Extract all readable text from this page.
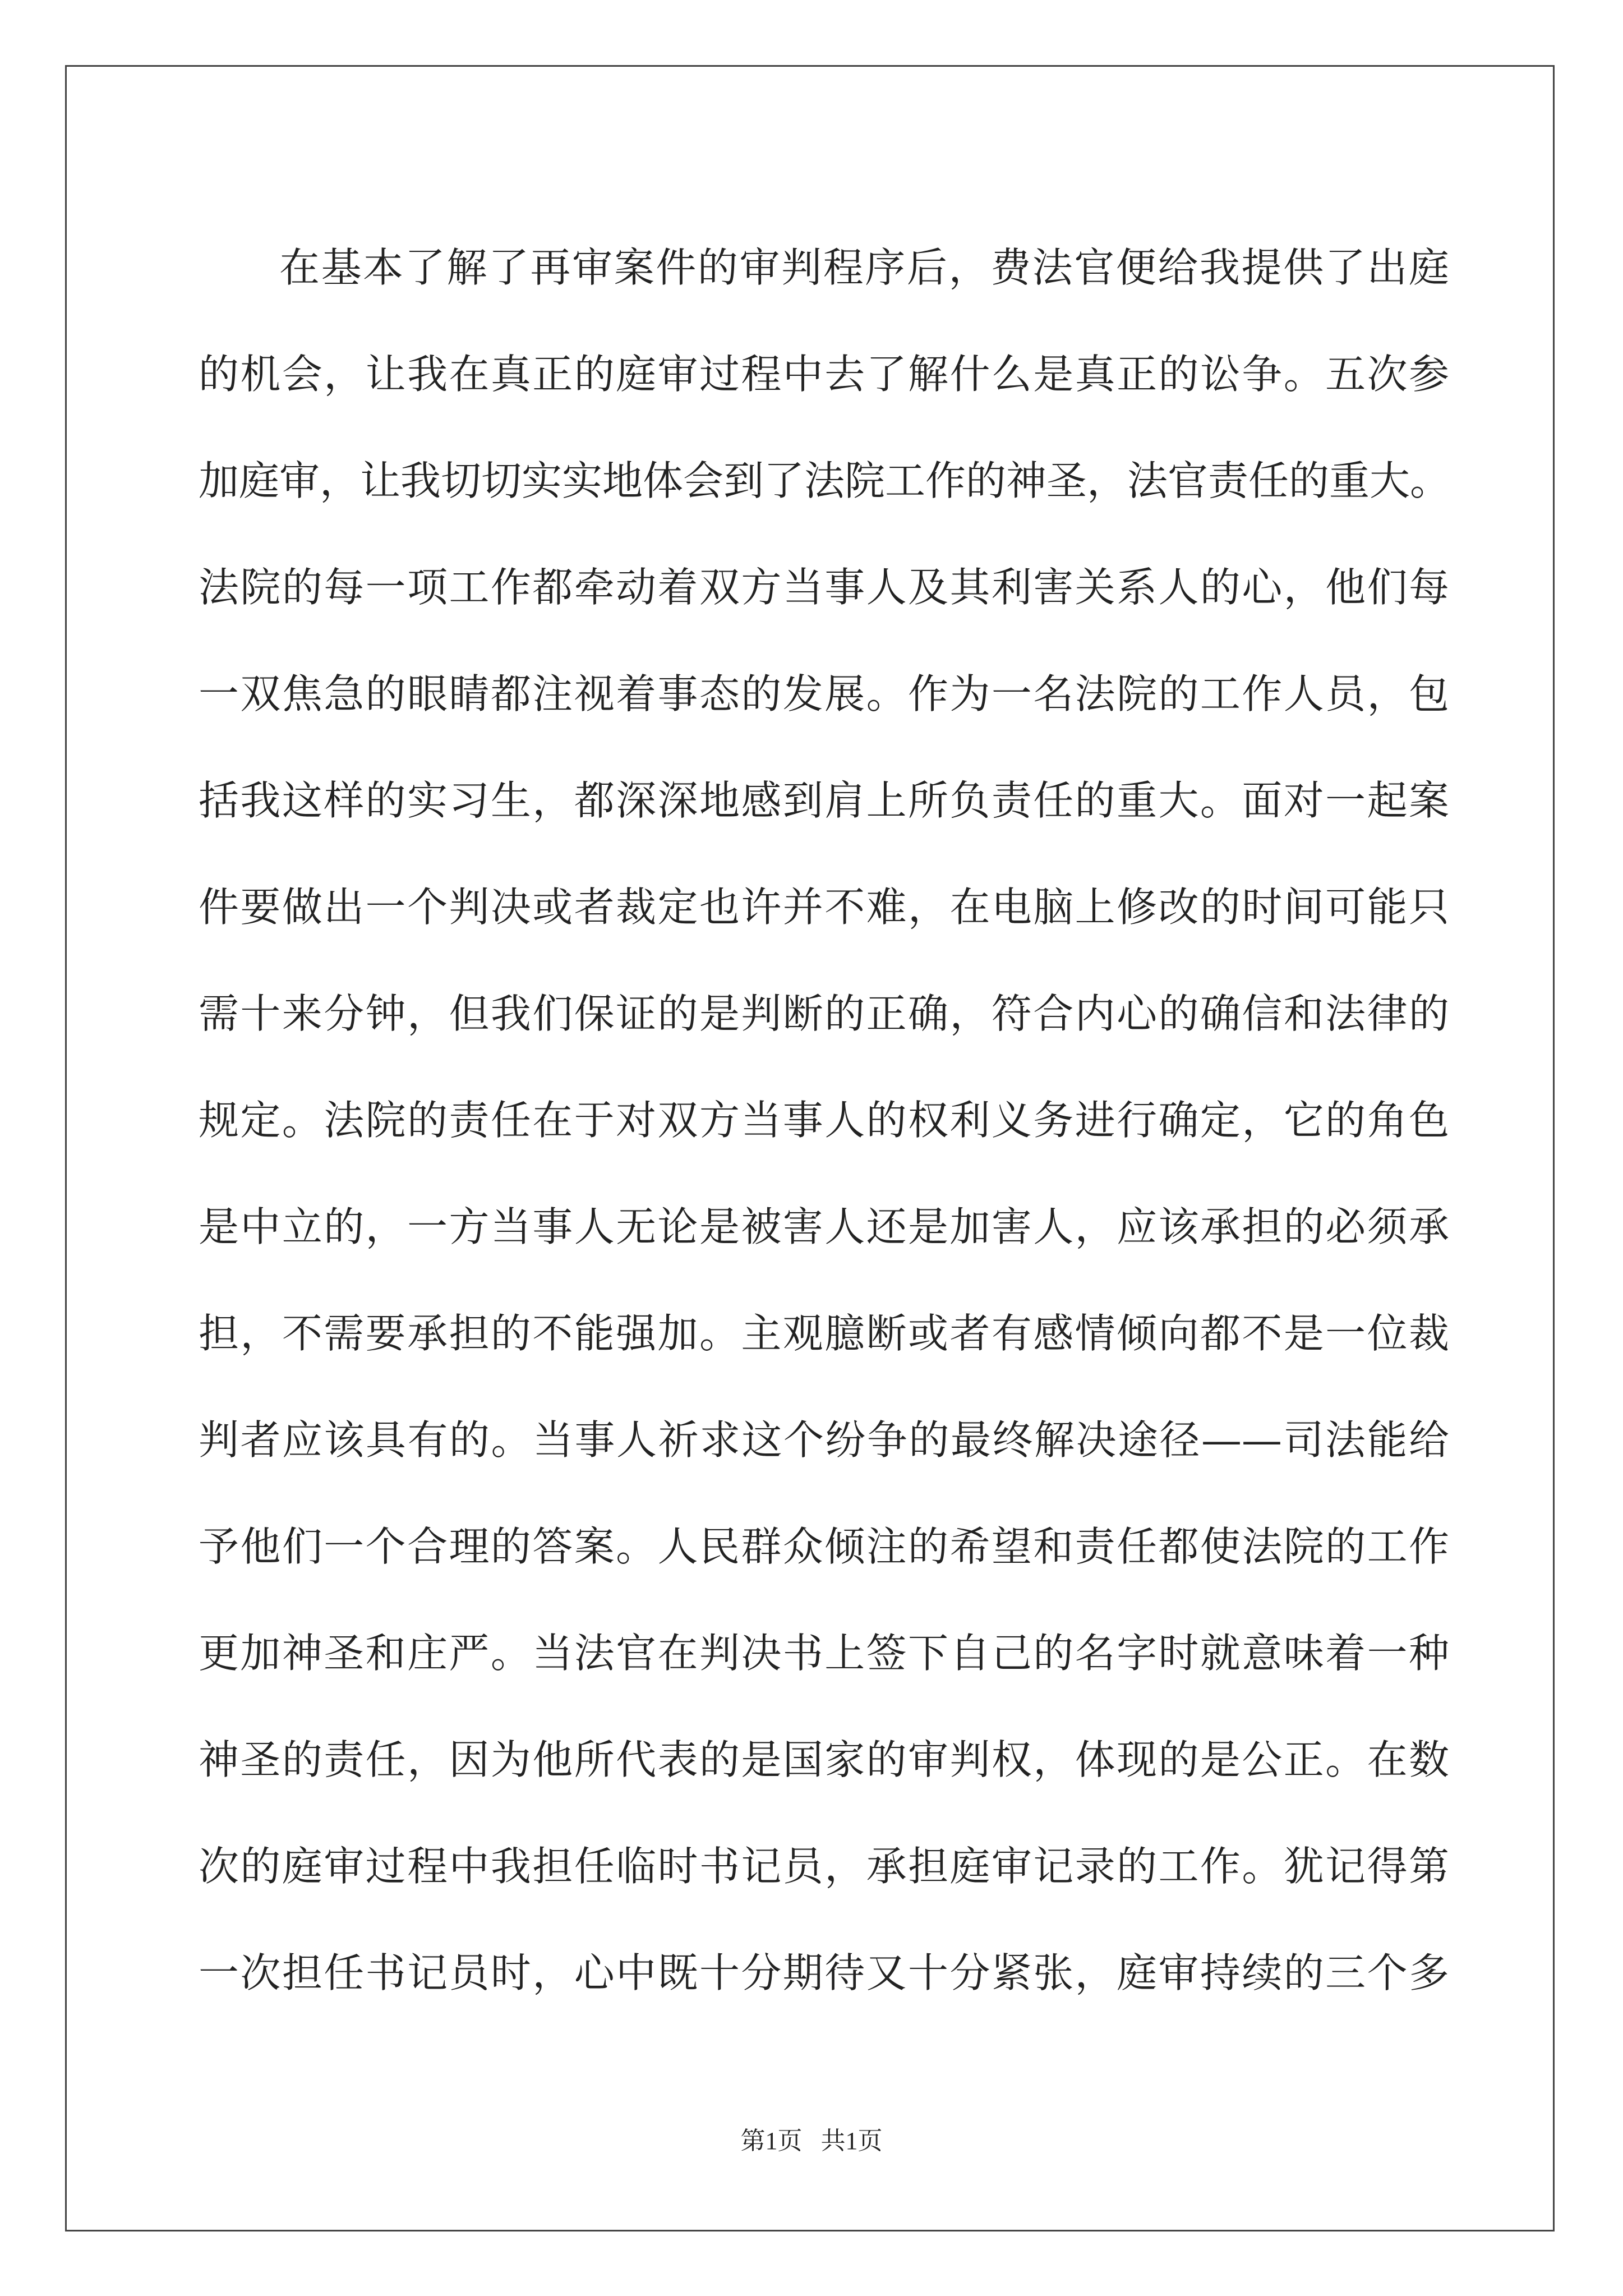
在基本了解了再审案件的审判程序后，费法官便给我提供了出庭
的机会，让我在真正的庭审过程中去了解什么是真正的讼争。五次参
加庭审，让我切切实实地体会到了法院工作的神圣，法官责任的重大。
法院的每一项工作都牵动着双方当事人及其利害关系人的心，他们每
一双焦急的眼睛都注视着事态的发展。作为一名法院的工作人员，包
括我这样的实习生，都深深地感到肩上所负责任的重大。面对一起案
件要做出一个判决或者裁定也许并不难，在电脑上修改的时间可能只
需十来分钟，但我们保证的是判断的正确，符合内心的确信和法律的
规定。法院的责任在于对双方当事人的权利义务进行确定，它的角色
是中立的，一方当事人无论是被害人还是加害人，应该承担的必须承
担，不需要承担的不能强加。主观臆断或者有感情倾向都不是一位裁
判者应该具有的。当事人祈求这个纷争的最终解决途径——司法能给
予他们一个合理的答案。人民群众倾注的希望和责任都使法院的工作
更加神圣和庄严。当法官在判决书上签下自己的名字时就意味着一种
神圣的责任，因为他所代表的是国家的审判权，体现的是公正。在数
次的庭审过程中我担任临时书记员，承担庭审记录的工作。犹记得第
一次担任书记员时，心中既十分期待又十分紧张，庭审持续的三个多
第1页   共1页
